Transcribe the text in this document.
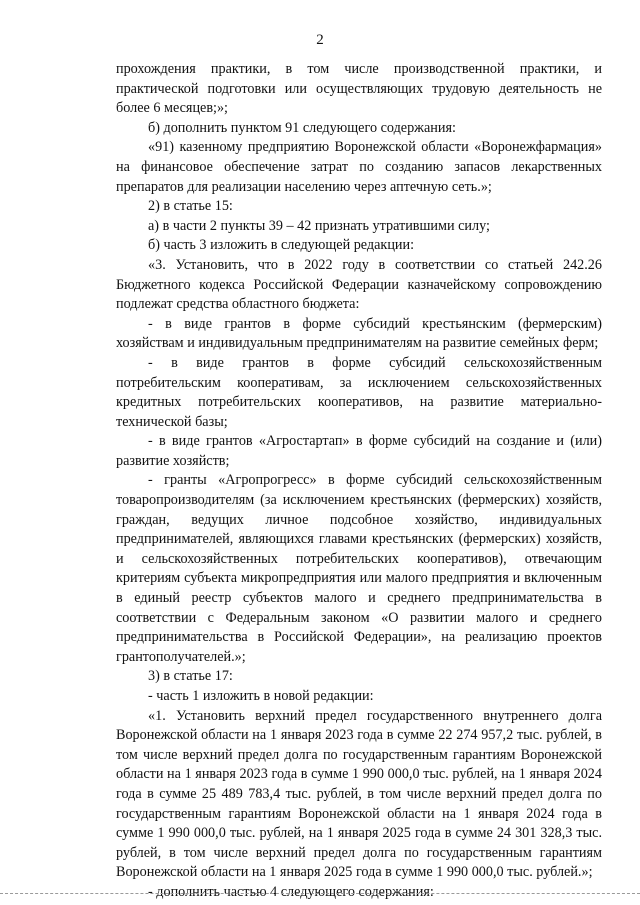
2

прохождения практики, в том числе производственной практики, и практической подготовки или осуществляющих трудовую деятельность не более 6 месяцев;»;

б) дополнить пунктом 91 следующего содержания:

«91) казенному предприятию Воронежской области «Воронежфармация» на финансовое обеспечение затрат по созданию запасов лекарственных препаратов для реализации населению через аптечную сеть.»;

2) в статье 15:

а) в части 2 пункты 39 – 42 признать утратившими силу;

б) часть 3 изложить в следующей редакции:

«3. Установить, что в 2022 году в соответствии со статьей 242.26 Бюджетного кодекса Российской Федерации казначейскому сопровождению подлежат средства областного бюджета:

- в виде грантов в форме субсидий крестьянским (фермерским) хозяйствам и индивидуальным предпринимателям на развитие семейных ферм;

- в виде грантов в форме субсидий сельскохозяйственным потребительским кооперативам, за исключением сельскохозяйственных кредитных потребительских кооперативов, на развитие материально-технической базы;

- в виде грантов «Агростартап» в форме субсидий на создание и (или) развитие хозяйств;

- гранты «Агропрогресс» в форме субсидий сельскохозяйственным товаропроизводителям (за исключением крестьянских (фермерских) хозяйств, граждан, ведущих личное подсобное хозяйство, индивидуальных предпринимателей, являющихся главами крестьянских (фермерских) хозяйств, и сельскохозяйственных потребительских кооперативов), отвечающим критериям субъекта микропредприятия или малого предприятия и включенным в единый реестр субъектов малого и среднего предпринимательства в соответствии с Федеральным законом «О развитии малого и среднего предпринимательства в Российской Федерации», на реализацию проектов грантополучателей.»;

3) в статье 17:

- часть 1 изложить в новой редакции:

«1. Установить верхний предел государственного внутреннего долга Воронежской области на 1 января 2023 года в сумме 22 274 957,2 тыс. рублей, в том числе верхний предел долга по государственным гарантиям Воронежской области на 1 января 2023 года в сумме 1 990 000,0 тыс. рублей, на 1 января 2024 года в сумме 25 489 783,4 тыс. рублей, в том числе верхний предел долга по государственным гарантиям Воронежской области на 1 января 2024 года в сумме 1 990 000,0 тыс. рублей, на 1 января 2025 года в сумме 24 301 328,3 тыс. рублей, в том числе верхний предел долга по государственным гарантиям Воронежской области на 1 января 2025 года в сумме 1 990 000,0 тыс. рублей.»;

- дополнить частью 4 следующего содержания:
